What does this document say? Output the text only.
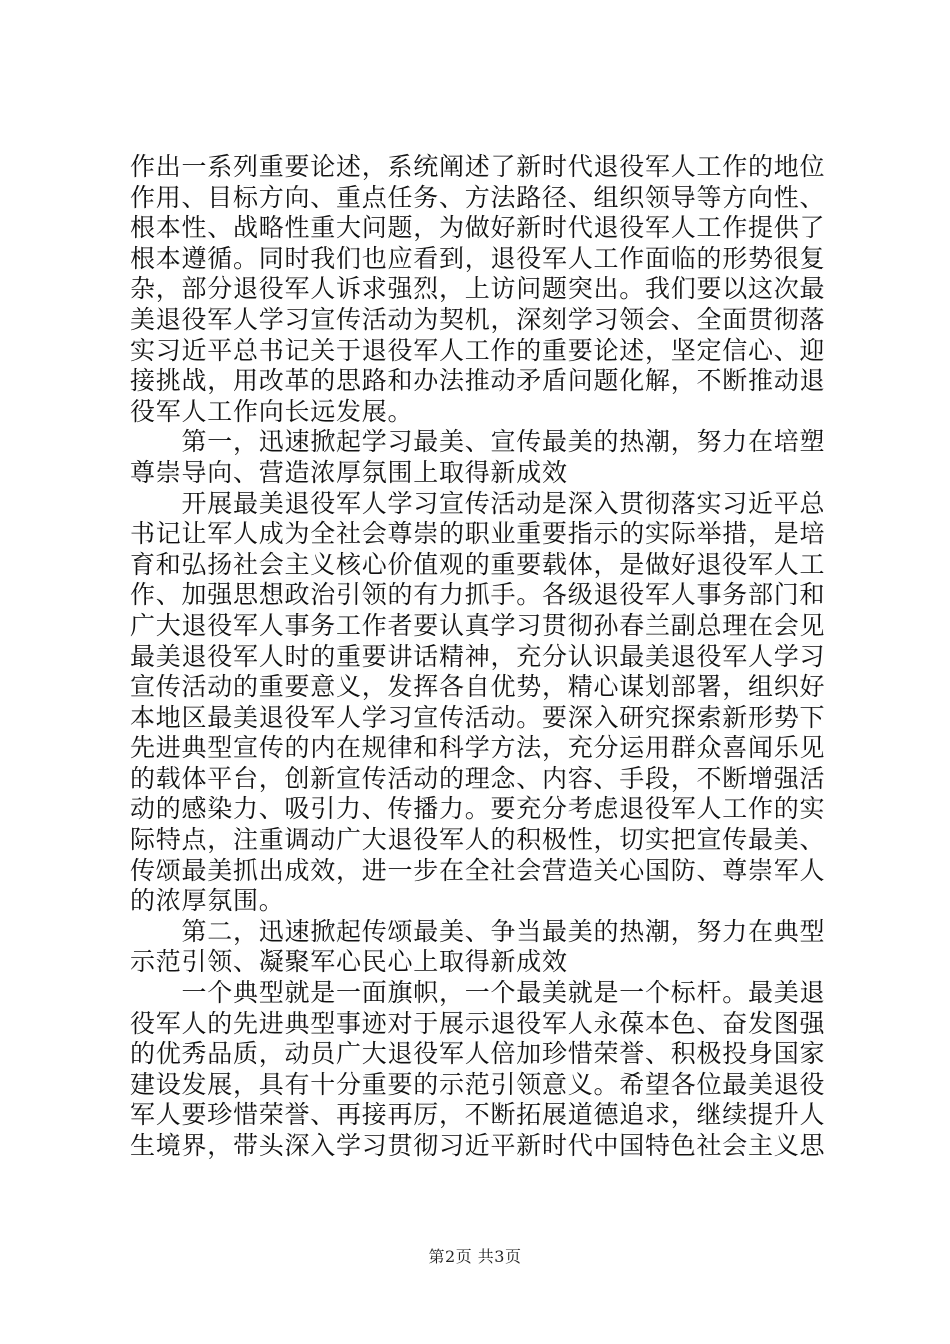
作出一系列重要论述，系统阐述了新时代退役军人工作的地位
作用、目标方向、重点任务、方法路径、组织领导等方向性、
根本性、战略性重大问题，为做好新时代退役军人工作提供了
根本遵循。同时我们也应看到，退役军人工作面临的形势很复
杂，部分退役军人诉求强烈，上访问题突出。我们要以这次最
美退役军人学习宣传活动为契机，深刻学习领会、全面贯彻落
实习近平总书记关于退役军人工作的重要论述，坚定信心、迎
接挑战，用改革的思路和办法推动矛盾问题化解，不断推动退
役军人工作向长远发展。
　　第一，迅速掀起学习最美、宣传最美的热潮，努力在培塑
尊崇导向、营造浓厚氛围上取得新成效
　　开展最美退役军人学习宣传活动是深入贯彻落实习近平总
书记让军人成为全社会尊崇的职业重要指示的实际举措，是培
育和弘扬社会主义核心价值观的重要载体，是做好退役军人工
作、加强思想政治引领的有力抓手。各级退役军人事务部门和
广大退役军人事务工作者要认真学习贯彻孙春兰副总理在会见
最美退役军人时的重要讲话精神，充分认识最美退役军人学习
宣传活动的重要意义，发挥各自优势，精心谋划部署，组织好
本地区最美退役军人学习宣传活动。要深入研究探索新形势下
先进典型宣传的内在规律和科学方法，充分运用群众喜闻乐见
的载体平台，创新宣传活动的理念、内容、手段，不断增强活
动的感染力、吸引力、传播力。要充分考虑退役军人工作的实
际特点，注重调动广大退役军人的积极性，切实把宣传最美、
传颂最美抓出成效，进一步在全社会营造关心国防、尊崇军人
的浓厚氛围。
　　第二，迅速掀起传颂最美、争当最美的热潮，努力在典型
示范引领、凝聚军心民心上取得新成效
　　一个典型就是一面旗帜，一个最美就是一个标杆。最美退
役军人的先进典型事迹对于展示退役军人永葆本色、奋发图强
的优秀品质，动员广大退役军人倍加珍惜荣誉、积极投身国家
建设发展，具有十分重要的示范引领意义。希望各位最美退役
军人要珍惜荣誉、再接再厉，不断拓展道德追求，继续提升人
生境界，带头深入学习贯彻习近平新时代中国特色社会主义思
第2页 共3页
